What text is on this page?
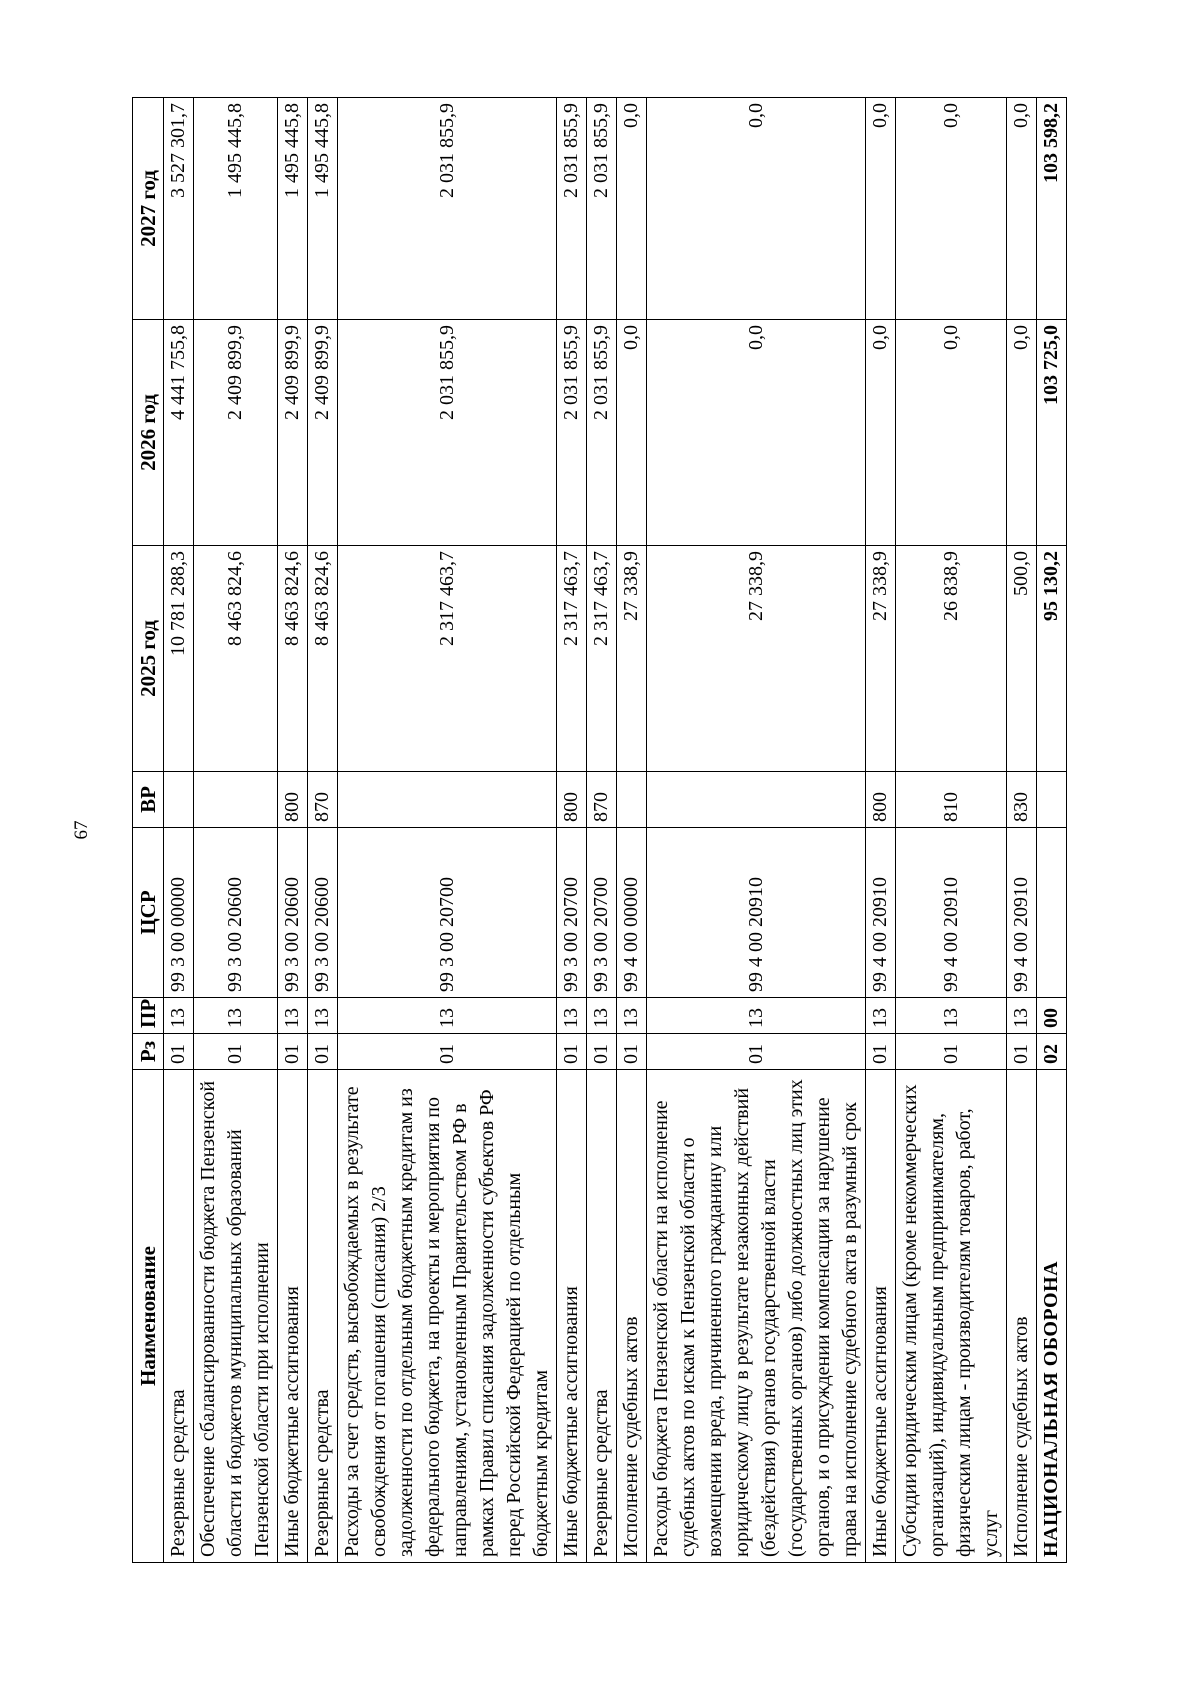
67
Наименование	Рз	ПР	ЦСР	ВР	2025 год	2026 год	2027 год
Резервные средства	01	13	99 3 00 00000		10 781 288,3	4 441 755,8	3 527 301,7
Обеспечение сбалансированности бюджета Пензенской области и бюджетов муниципальных образований Пензенской области при исполнении	01	13	99 3 00 20600		8 463 824,6	2 409 899,9	1 495 445,8
Иные бюджетные ассигнования	01	13	99 3 00 20600	800	8 463 824,6	2 409 899,9	1 495 445,8
Резервные средства	01	13	99 3 00 20600	870	8 463 824,6	2 409 899,9	1 495 445,8
Расходы за счет средств, высвобождаемых в результате освобождения от погашения (списания) 2/3 задолженности по отдельным бюджетным кредитам из федерального бюджета, на проекты и мероприятия по направлениям, установленным Правительством РФ в рамках Правил списания задолженности субъектов РФ перед Российской Федерацией по отдельным бюджетным кредитам	01	13	99 3 00 20700		2 317 463,7	2 031 855,9	2 031 855,9
Иные бюджетные ассигнования	01	13	99 3 00 20700	800	2 317 463,7	2 031 855,9	2 031 855,9
Резервные средства	01	13	99 3 00 20700	870	2 317 463,7	2 031 855,9	2 031 855,9
Исполнение судебных актов	01	13	99 4 00 00000		27 338,9	0,0	0,0
Расходы бюджета Пензенской области на исполнение судебных актов по искам к Пензенской области о возмещении вреда, причиненного гражданину или юридическому лицу в результате незаконных действий (бездействия) органов государственной власти (государственных органов) либо должностных лиц этих органов, и о присуждении компенсации за нарушение права на исполнение судебного акта в разумный срок	01	13	99 4 00 20910		27 338,9	0,0	0,0
Иные бюджетные ассигнования	01	13	99 4 00 20910	800	27 338,9	0,0	0,0
Субсидии юридическим лицам (кроме некоммерческих организаций), индивидуальным предпринимателям, физическим лицам - производителям товаров, работ, услуг	01	13	99 4 00 20910	810	26 838,9	0,0	0,0
Исполнение судебных актов	01	13	99 4 00 20910	830	500,0	0,0	0,0
НАЦИОНАЛЬНАЯ ОБОРОНА	02	00			95 130,2	103 725,0	103 598,2
